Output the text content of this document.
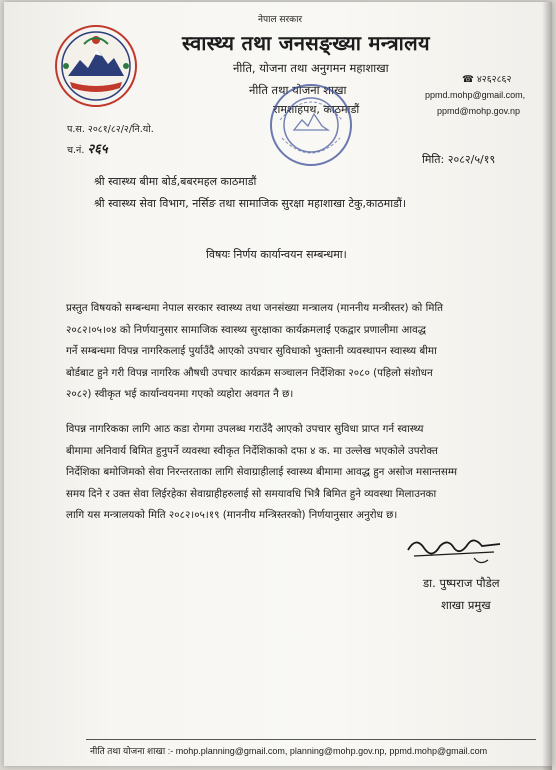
नेपाल सरकार
स्वास्थ्य तथा जनसङ्ख्या मन्त्रालय
नीति, योजना तथा अनुगमन महाशाखा
नीति तथा योजना शाखा
रामशाहपथ, काठमाडौं
☎ ४२६२८६२
ppmd.mohp@gmail.com,
ppmd@mohp.gov.np
प.स. २०८१/८२/२/नि.यो.
च.नं. २६५
मिति: २०८२/५/१९
श्री स्वास्थ्य बीमा बोर्ड,बबरमहल काठमाडौं
श्री स्वास्थ्य सेवा विभाग, नर्सिङ तथा सामाजिक सुरक्षा महाशाखा टेकु,काठमाडौं।
विषयः निर्णय कार्यान्वयन सम्बन्धमा।
प्रस्तुत विषयको सम्बन्धमा नेपाल सरकार स्वास्थ्य तथा जनसंख्या मन्त्रालय (माननीय मन्त्रीस्तर) को मिति
२०८२।०५।०४ को निर्णयानुसार सामाजिक स्वास्थ्य सुरक्षाका कार्यक्रमलाई एकद्वार प्रणालीमा आवद्ध
गर्ने सम्बन्धमा विपन्न नागरिकलाई पुर्याउँदै आएको उपचार सुविधाको भुक्तानी व्यवस्थापन स्वास्थ्य बीमा
बोर्डबाट हुने गरी विपन्न नागरिक औषधी उपचार कार्यक्रम सञ्चालन निर्देशिका २०८० (पहिलो संशोधन
२०८२) स्वीकृत भई कार्यान्वयनमा गएको व्यहोरा अवगत नै छ।
विपन्न नागरिकका लागि आठ कडा रोगमा उपलब्ध गराउँदै आएको उपचार सुविधा प्राप्त गर्न स्वास्थ्य
बीमामा अनिवार्य बिमित हुनुपर्ने व्यवस्था स्वीकृत निर्देशिकाको दफा ४ क. मा उल्लेख भएकोले उपरोक्त
निर्देशिका बमोजिमको सेवा निरन्तरताका लागि सेवाग्राहीलाई स्वास्थ्य बीमामा आवद्ध हुन असोज मसान्तसम्म
समय दिने र उक्त सेवा लिईरहेका सेवाग्राहीहरुलाई सो समयावधि भित्रै बिमित हुने व्यवस्था मिलाउनका
लागि यस मन्त्रालयको मिति २०८२।०५।१९ (माननीय मन्त्रिस्तरको) निर्णयानुसार अनुरोध छ।
डा. पुष्पराज पौडेल
शाखा प्रमुख
नीति तथा योजना शाखा :- mohp.planning@gmail.com, planning@mohp.gov.np, ppmd.mohp@gmail.com
